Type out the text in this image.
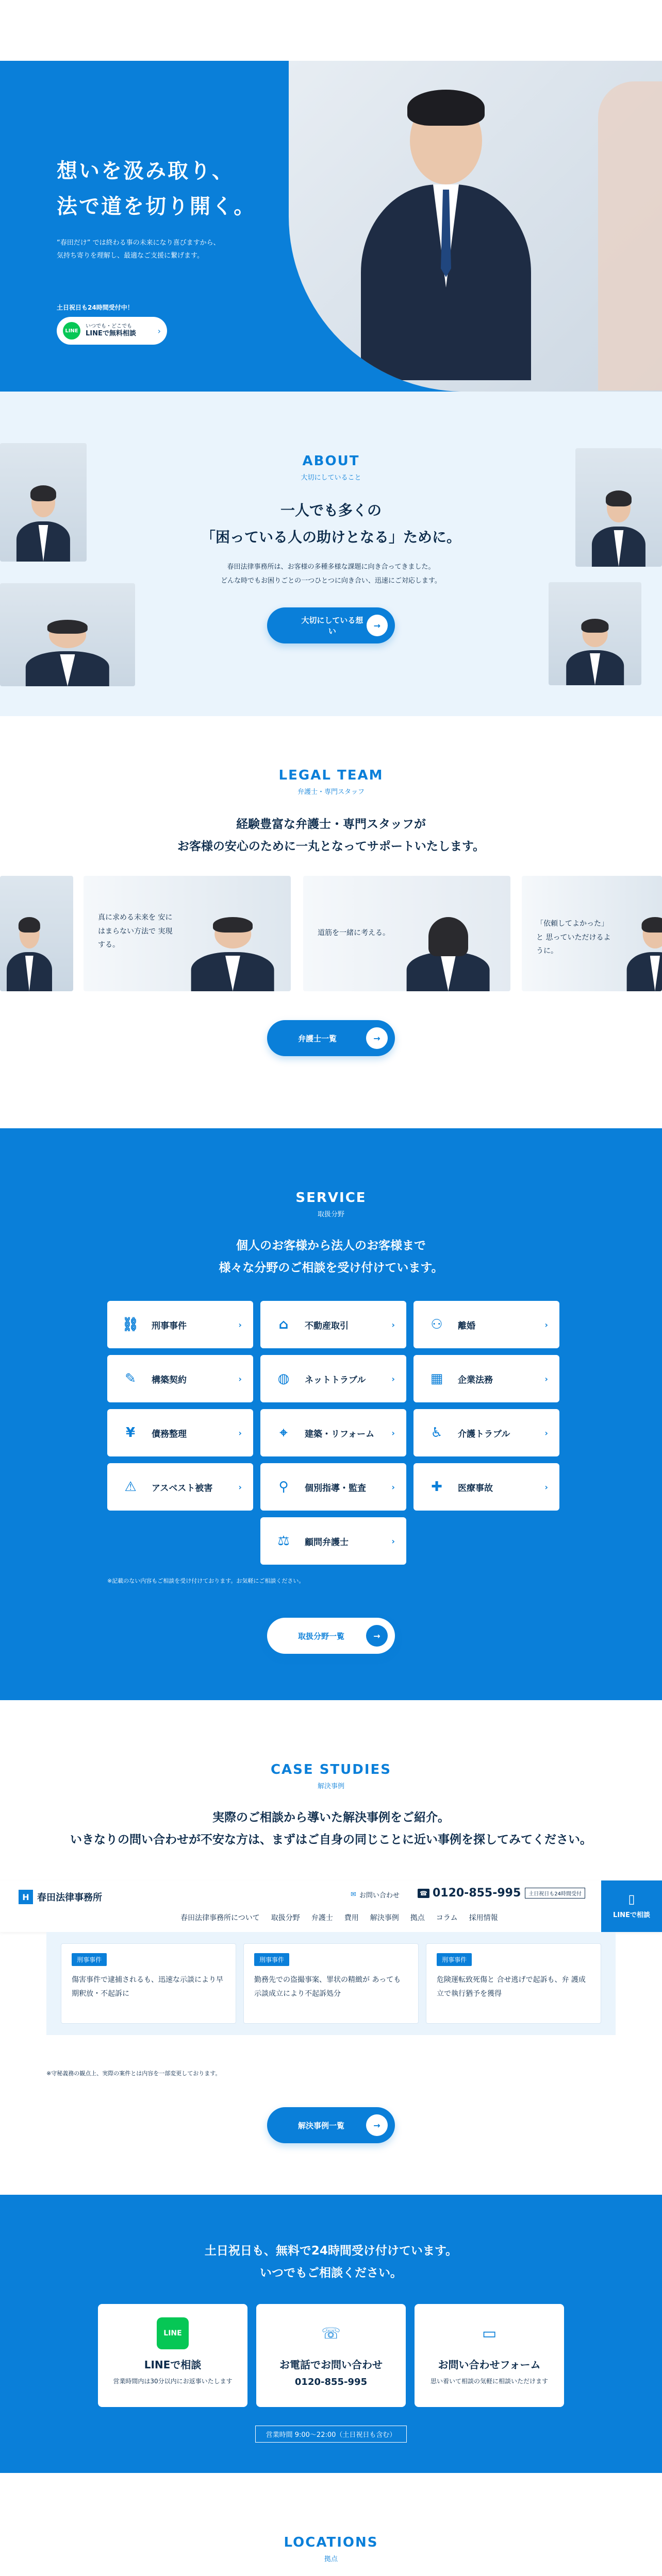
想いを汲み取り、
法で道を切り開く。
“春田だけ” では終わる事の未来になり喜びますから、
気持ち寄りを理解し、最適なご支援に繋げます。
土日祝日も24時間受付中！
LINE
いつでも・どこでも
LINEで無料相談	›
ABOUT
大切にしていること
一人でも多くの
「困っている人の助けとなる」ために。
春田法律事務所は、お客様の多種多様な課題に向き合ってきました。
どんな時でもお困りごとの一つひとつに向き合い、迅速にご対応します。
大切にしている想い
→
LEGAL TEAM
弁護士・専門スタッフ
経験豊富な弁護士・専門スタッフが
お客様の安心のために一丸となってサポートいたします。
真に求める未来を 安にはまらない方法で 実現する。
道筋を一緒に考える。
「依頼してよかった」と 思っていただけるように。
弁護士一覧	→
SERVICE
取扱分野
個人のお客様から法人のお客様まで
様々な分野のご相談を受け付けています。
⛓	刑事事件	›	⌂	不動産取引	›	⚇	離婚	›
✎	構築契約	›	◍	ネットトラブル	›	▦	企業法務	›
¥	債務整理	›	⌖	建築・リフォーム ›	♿	介護トラブル	›
⚠	アスベスト被害	›	⚲	個別指導・監査	›	✚	医療事故	›
⚖	顧問弁護士	›
※記載のない内容もご相談を受け付けております。お気軽にご相談ください。
取扱分野一覧	→
CASE STUDIES
解決事例
実際のご相談から導いた解決事例をご紹介。
いきなりの問い合わせが不安な方は、まずはご自身の同じことに近い事例を探してみてください。
H 春田法律事務所	✉ お問い合わせ	☎ 0120-855-995	土日祝日も24時間受付
春田法律事務所について 取扱分野 弁護士 費用 解決事例 拠点 コラム 採用情報
▯
LINEで相談
刑事事件

傷害事件で逮捕されるも、迅速な示談により早期釈放・不起訴に

刑事事件

勤務先での盗撮事案、罪状の精緻が あっても示談成立により不起訴処分

刑事事件

危険運転致死傷と 合せ逃げで起訴も、弁 護成立で執行猶予を獲得

※守秘義務の観点上、実際の案件とは内容を一部変更しております。
解決事例一覧	→
土日祝日も、無料で24時間受け付けています。
いつでもご相談ください。
LINE
LINEで相談
営業時間内は30分以内にお返事いたします
☏
お電話でお問い合わせ
0120-855-995
▭
お問い合わせフォーム
思い着いて相談の気軽に相談いただけます
営業時間 9:00〜22:00（土日祝日も含む）
LOCATIONS
拠点
